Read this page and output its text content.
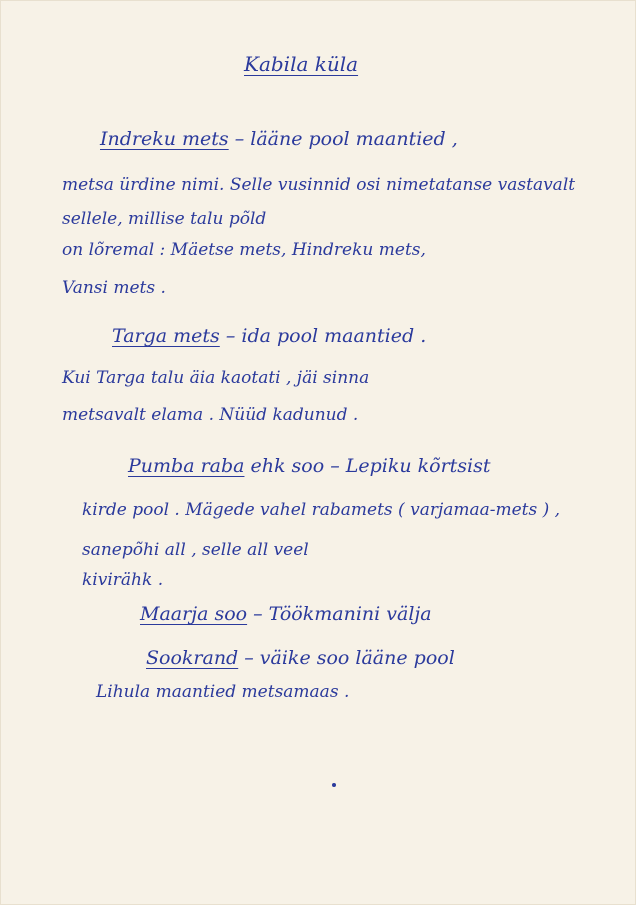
Kabila küla
Indreku mets – lääne pool maantied ,
metsa ürdine nimi. Selle vusinnid osi nimetatanse vastavalt sellele, millise talu põld
on lõremal : Mäetse mets, Hindreku mets,
Vansi mets .
Targa mets – ida pool maantied .
Kui Targa talu äia kaotati , jäi sinna
metsavalt elama . Nüüd kadunud .
Pumba raba ehk soo – Lepiku kõrtsist
kirde pool . Mägede vahel rabamets ( varjamaa-mets ) , sanepõhi all , selle all veel
kivirähk .
Maarja soo – Töökmanini välja
Sookrand – väike soo lääne pool
Lihula maantied metsamaas .
